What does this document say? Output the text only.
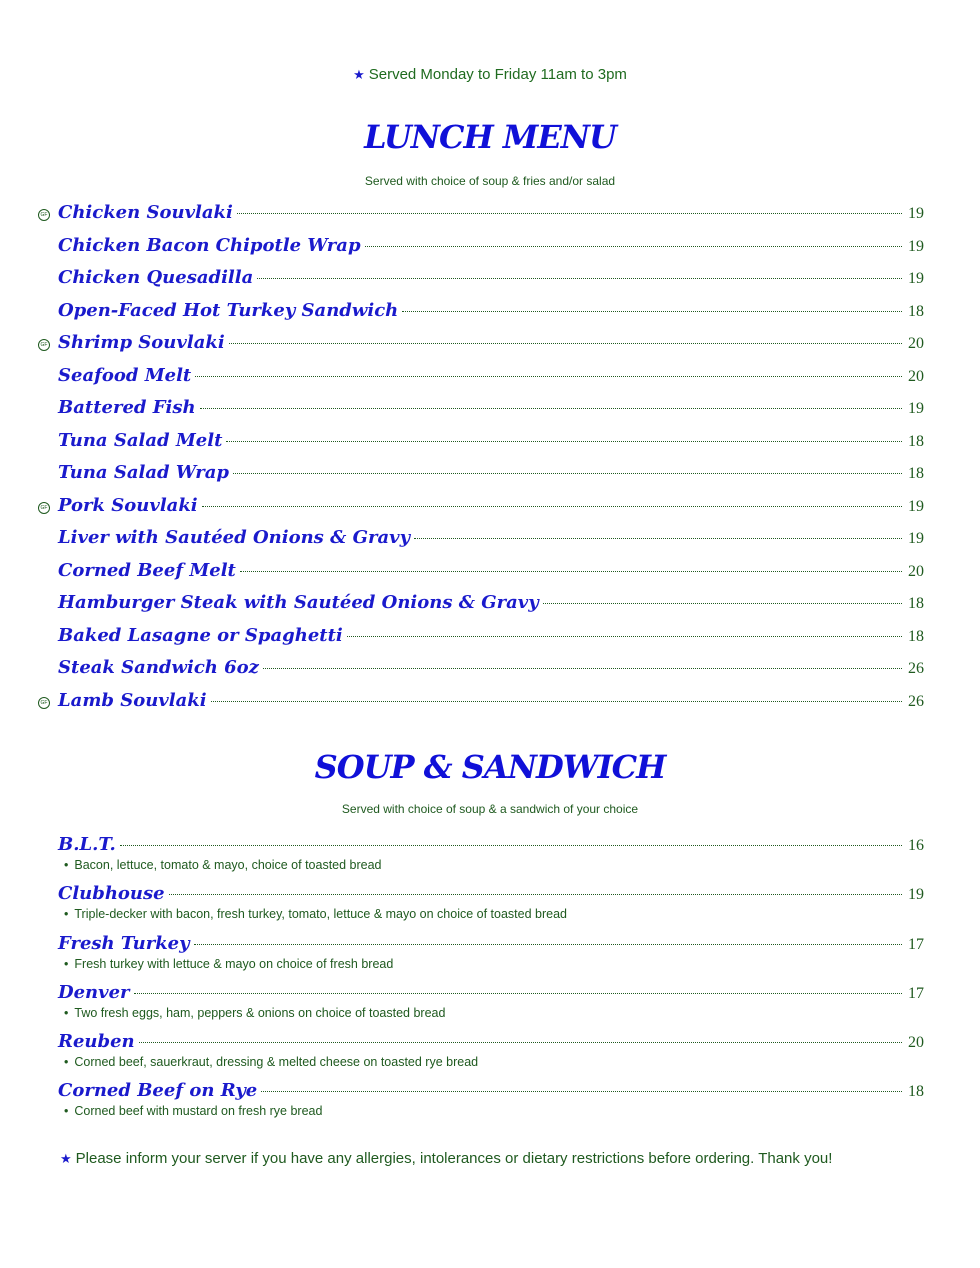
★ Served Monday to Friday 11am to 3pm
LUNCH MENU
Served with choice of soup & fries and/or salad
GF Chicken Souvlaki	19
Chicken Bacon Chipotle Wrap	19
Chicken Quesadilla	19
Open-Faced Hot Turkey Sandwich	18
GF Shrimp Souvlaki	20
Seafood Melt	20
Battered Fish	19
Tuna Salad Melt	18
Tuna Salad Wrap	18
GF Pork Souvlaki	19
Liver with Sautéed Onions & Gravy	19
Corned Beef Melt	20
Hamburger Steak with Sautéed Onions & Gravy	18
Baked Lasagne or Spaghetti	18
Steak Sandwich 6oz	26
GF Lamb Souvlaki	26
SOUP & SANDWICH
Served with choice of soup & a sandwich of your choice
B.L.T.	16
• Bacon, lettuce, tomato & mayo, choice of toasted bread
Clubhouse	19
• Triple-decker with bacon, fresh turkey, tomato, lettuce & mayo on choice of toasted bread
Fresh Turkey	17
• Fresh turkey with lettuce & mayo on choice of fresh bread
Denver	17
• Two fresh eggs, ham, peppers & onions on choice of toasted bread
Reuben	20
• Corned beef, sauerkraut, dressing & melted cheese on toasted rye bread
Corned Beef on Rye	18
• Corned beef with mustard on fresh rye bread
★ Please inform your server if you have any allergies, intolerances or dietary restrictions before ordering. Thank you!
